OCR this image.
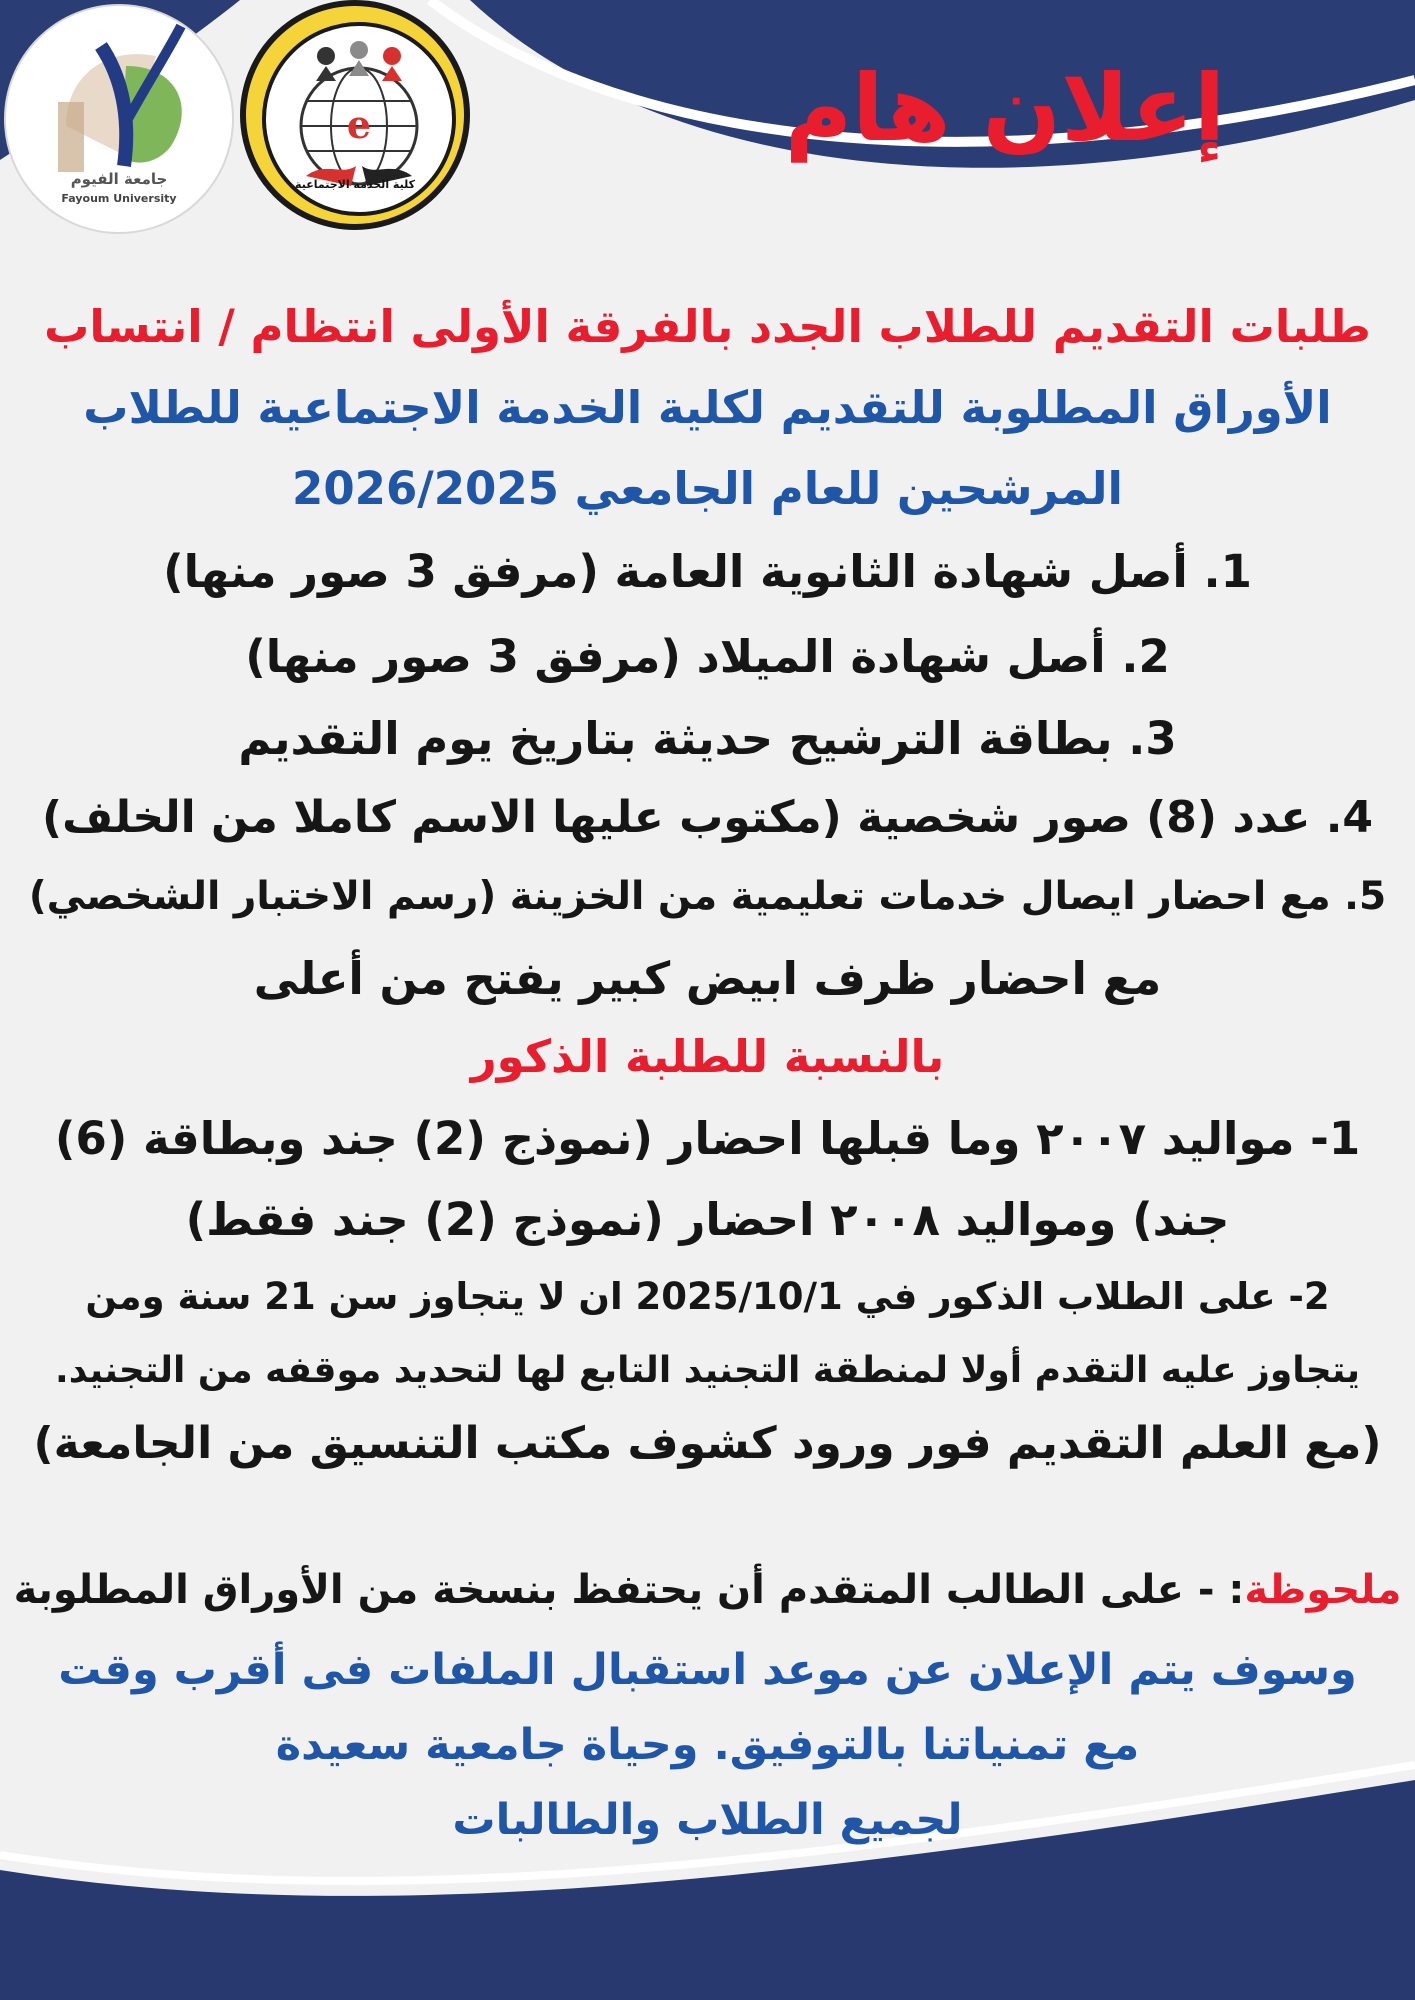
جامعة الفيوم
Fayoum University
e
كلية الخدمة الاجتماعية
إعلان هام
طلبات التقديم للطلاب الجدد بالفرقة الأولى انتظام / انتساب
الأوراق المطلوبة للتقديم لكلية الخدمة الاجتماعية للطلاب
المرشحين للعام الجامعي 2026/2025
1. أصل شهادة الثانوية العامة (مرفق 3 صور منها)
2. أصل شهادة الميلاد (مرفق 3 صور منها)
3. بطاقة الترشيح حديثة بتاريخ يوم التقديم
4. عدد (8) صور شخصية (مكتوب عليها الاسم كاملا من الخلف)
5. مع احضار ايصال خدمات تعليمية من الخزينة (رسم الاختبار الشخصي)
مع احضار ظرف ابيض كبير يفتح من أعلى
بالنسبة للطلبة الذكور
1- مواليد ٢٠٠٧ وما قبلها احضار (نموذج (2) جند وبطاقة (6)
جند) ومواليد ٢٠٠٨ احضار (نموذج (2) جند فقط)
2- على الطلاب الذكور في 2025/10/1 ان لا يتجاوز سن 21 سنة ومن
يتجاوز عليه التقدم أولا لمنطقة التجنيد التابع لها لتحديد موقفه من التجنيد.
(مع العلم التقديم فور ورود كشوف مكتب التنسيق من الجامعة)
ملحوظة: - على الطالب المتقدم أن يحتفظ بنسخة من الأوراق المطلوبة
وسوف يتم الإعلان عن موعد استقبال الملفات فى أقرب وقت
مع تمنياتنا بالتوفيق. وحياة جامعية سعيدة
لجميع الطلاب والطالبات
